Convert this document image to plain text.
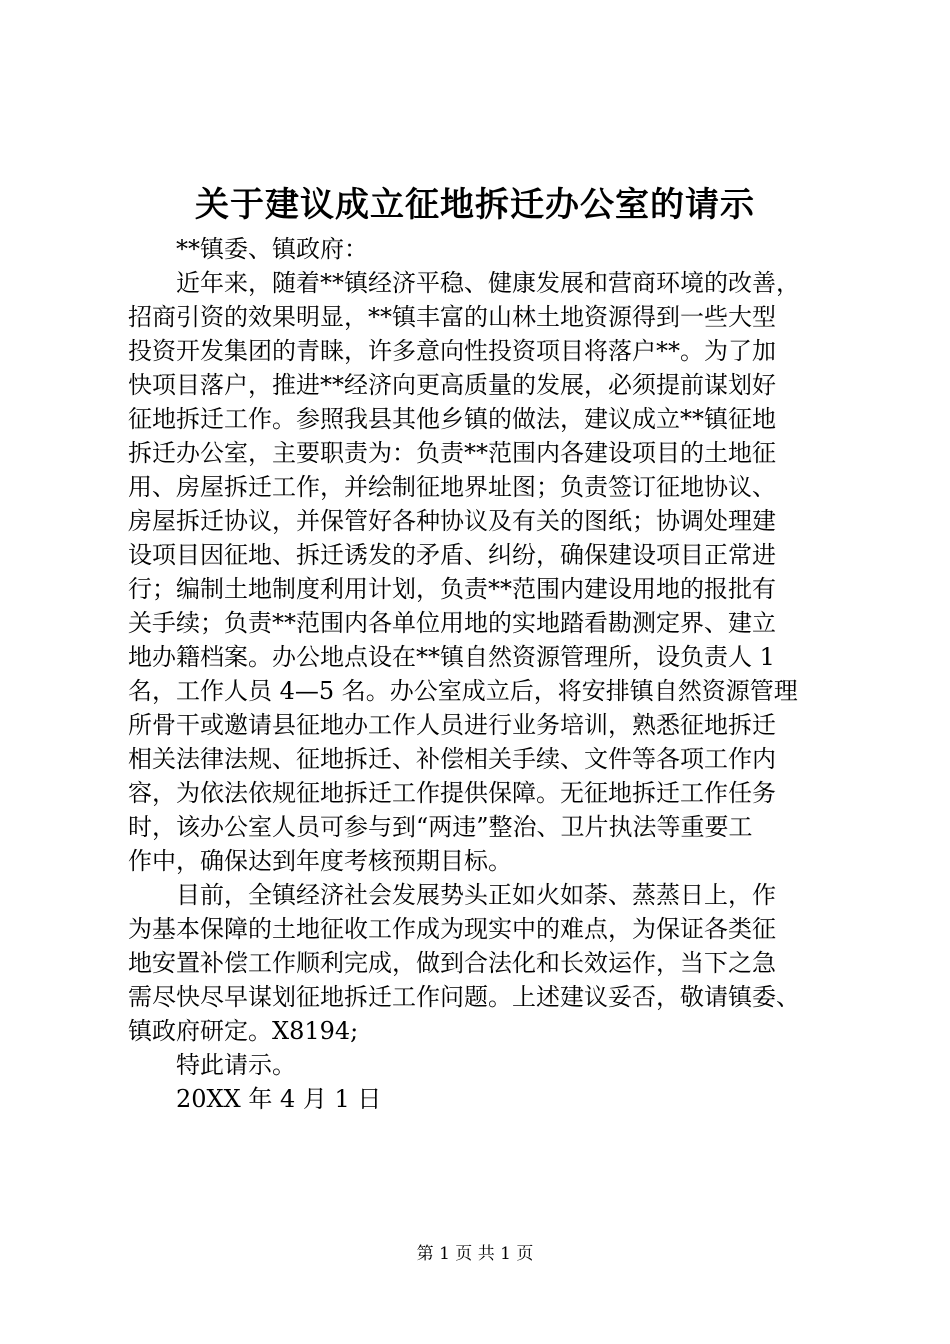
关于建议成立征地拆迁办公室的请示

**镇委、镇政府：

近年来，随着**镇经济平稳、健康发展和营商环境的改善，
招商引资的效果明显，**镇丰富的山林土地资源得到一些大型
投资开发集团的青睐，许多意向性投资项目将落户**。为了加
快项目落户，推进**经济向更高质量的发展，必须提前谋划好
征地拆迁工作。参照我县其他乡镇的做法，建议成立**镇征地
拆迁办公室，主要职责为：负责**范围内各建设项目的土地征
用、房屋拆迁工作，并绘制征地界址图；负责签订征地协议、
房屋拆迁协议，并保管好各种协议及有关的图纸；协调处理建
设项目因征地、拆迁诱发的矛盾、纠纷，确保建设项目正常进
行；编制土地制度利用计划，负责**范围内建设用地的报批有
关手续；负责**范围内各单位用地的实地踏看勘测定界、建立
地办籍档案。办公地点设在**镇自然资源管理所，设负责人 1
名，工作人员 4—5 名。办公室成立后，将安排镇自然资源管理
所骨干或邀请县征地办工作人员进行业务培训，熟悉征地拆迁
相关法律法规、征地拆迁、补偿相关手续、文件等各项工作内
容，为依法依规征地拆迁工作提供保障。无征地拆迁工作任务
时，该办公室人员可参与到“两违”整治、卫片执法等重要工
作中，确保达到年度考核预期目标。

目前，全镇经济社会发展势头正如火如荼、蒸蒸日上，作
为基本保障的土地征收工作成为现实中的难点，为保证各类征
地安置补偿工作顺利完成，做到合法化和长效运作，当下之急
需尽快尽早谋划征地拆迁工作问题。上述建议妥否，敬请镇委、
镇政府研定。X8194;

特此请示。

20XX 年 4 月 1 日

第 1 页 共 1 页
